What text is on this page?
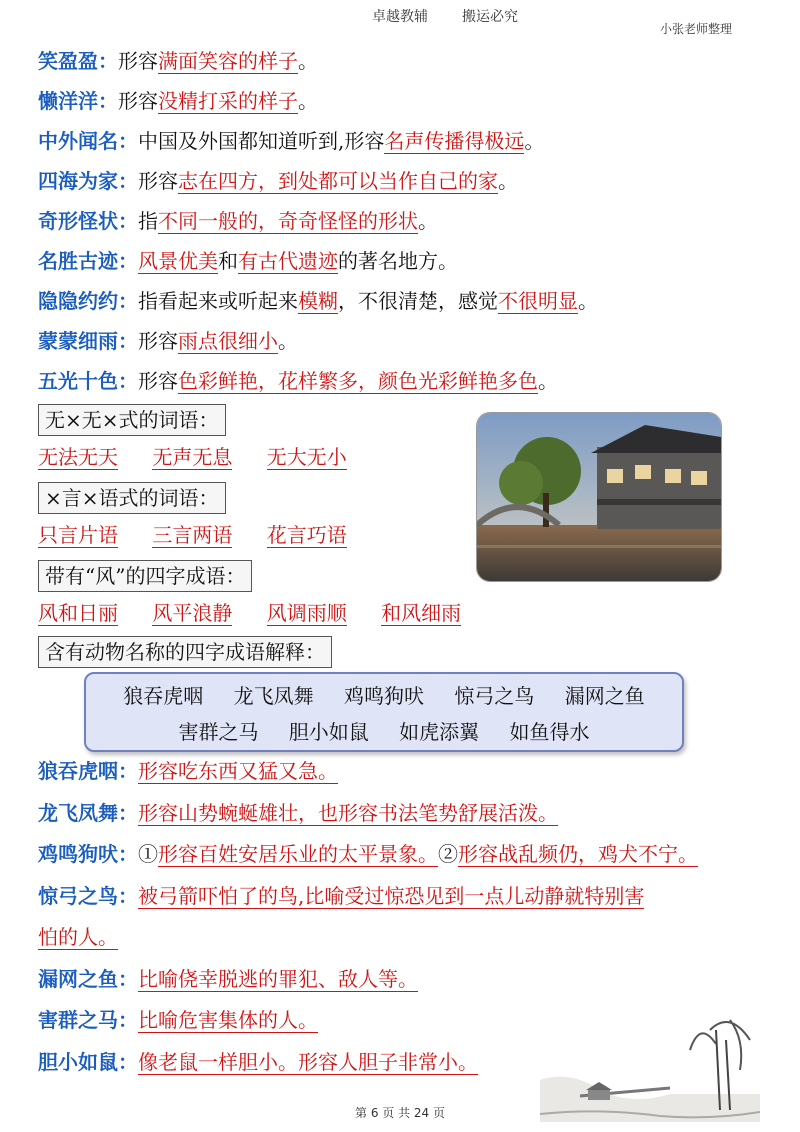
卓越教辅 搬运必究
小张老师整理
笑盈盈：形容满面笑容的样子。
懒洋洋：形容没精打采的样子。
中外闻名：中国及外国都知道听到,形容名声传播得极远。
四海为家：形容志在四方，到处都可以当作自己的家。
奇形怪状：指不同一般的，奇奇怪怪的形状。
名胜古迹：风景优美和有古代遗迹的著名地方。
隐隐约约：指看起来或听起来模糊，不很清楚，感觉不很明显。
蒙蒙细雨：形容雨点很细小。
五光十色：形容色彩鲜艳，花样繁多，颜色光彩鲜艳多色。
无×无×式的词语：
无法无天 无声无息 无大无小
×言×语式的词语：
只言片语 三言两语 花言巧语
带有“风”的四字成语：
风和日丽 风平浪静 风调雨顺 和风细雨
含有动物名称的四字成语解释：
狼吞虎咽 龙飞凤舞 鸡鸣狗吠 惊弓之鸟 漏网之鱼
害群之马 胆小如鼠 如虎添翼 如鱼得水
狼吞虎咽：形容吃东西又猛又急。
龙飞凤舞：形容山势蜿蜒雄壮，也形容书法笔势舒展活泼。
鸡鸣狗吠：①形容百姓安居乐业的太平景象。②形容战乱频仍，鸡犬不宁。
惊弓之鸟：被弓箭吓怕了的鸟,比喻受过惊恐见到一点儿动静就特别害
怕的人。
漏网之鱼：比喻侥幸脱逃的罪犯、敌人等。
害群之马：比喻危害集体的人。
胆小如鼠：像老鼠一样胆小。形容人胆子非常小。
第 6 页 共 24 页
